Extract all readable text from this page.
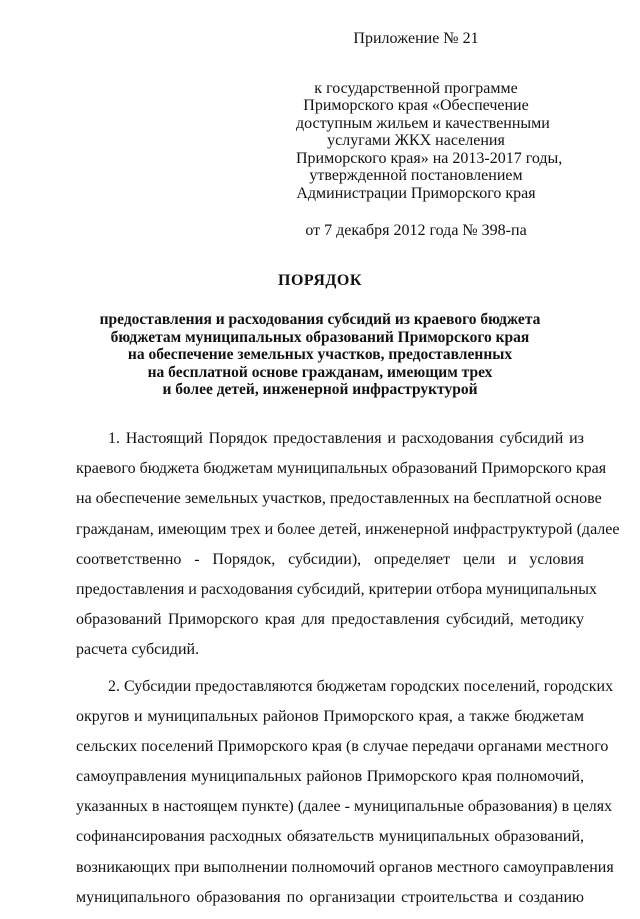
Приложение № 21
к государственной программе
Приморского края «Обеспечение
доступным жильем и качественными
услугами ЖКХ населения
Приморского края» на 2013-2017 годы,
утвержденной постановлением
Администрации Приморского края
от 7 декабря 2012 года № 398-па
ПОРЯДОК
предоставления и расходования субсидий из краевого бюджета
бюджетам муниципальных образований Приморского края
на обеспечение земельных участков, предоставленных
на бесплатной основе гражданам, имеющим трех
и более детей, инженерной инфраструктурой
1. Настоящий Порядок предоставления и расходования субсидий из
краевого бюджета бюджетам муниципальных образований Приморского края
на обеспечение земельных участков, предоставленных на бесплатной основе
гражданам, имеющим трех и более детей, инженерной инфраструктурой (далее
соответственно - Порядок, субсидии), определяет цели и условия
предоставления и расходования субсидий, критерии отбора муниципальных
образований Приморского края для предоставления субсидий, методику
расчета субсидий.
2. Субсидии предоставляются бюджетам городских поселений, городских
округов и муниципальных районов Приморского края, а также бюджетам
сельских поселений Приморского края (в случае передачи органами местного
самоуправления муниципальных районов Приморского края полномочий,
указанных в настоящем пункте) (далее - муниципальные образования) в целях
софинансирования расходных обязательств муниципальных образований,
возникающих при выполнении полномочий органов местного самоуправления
муниципального образования по организации строительства и созданию
